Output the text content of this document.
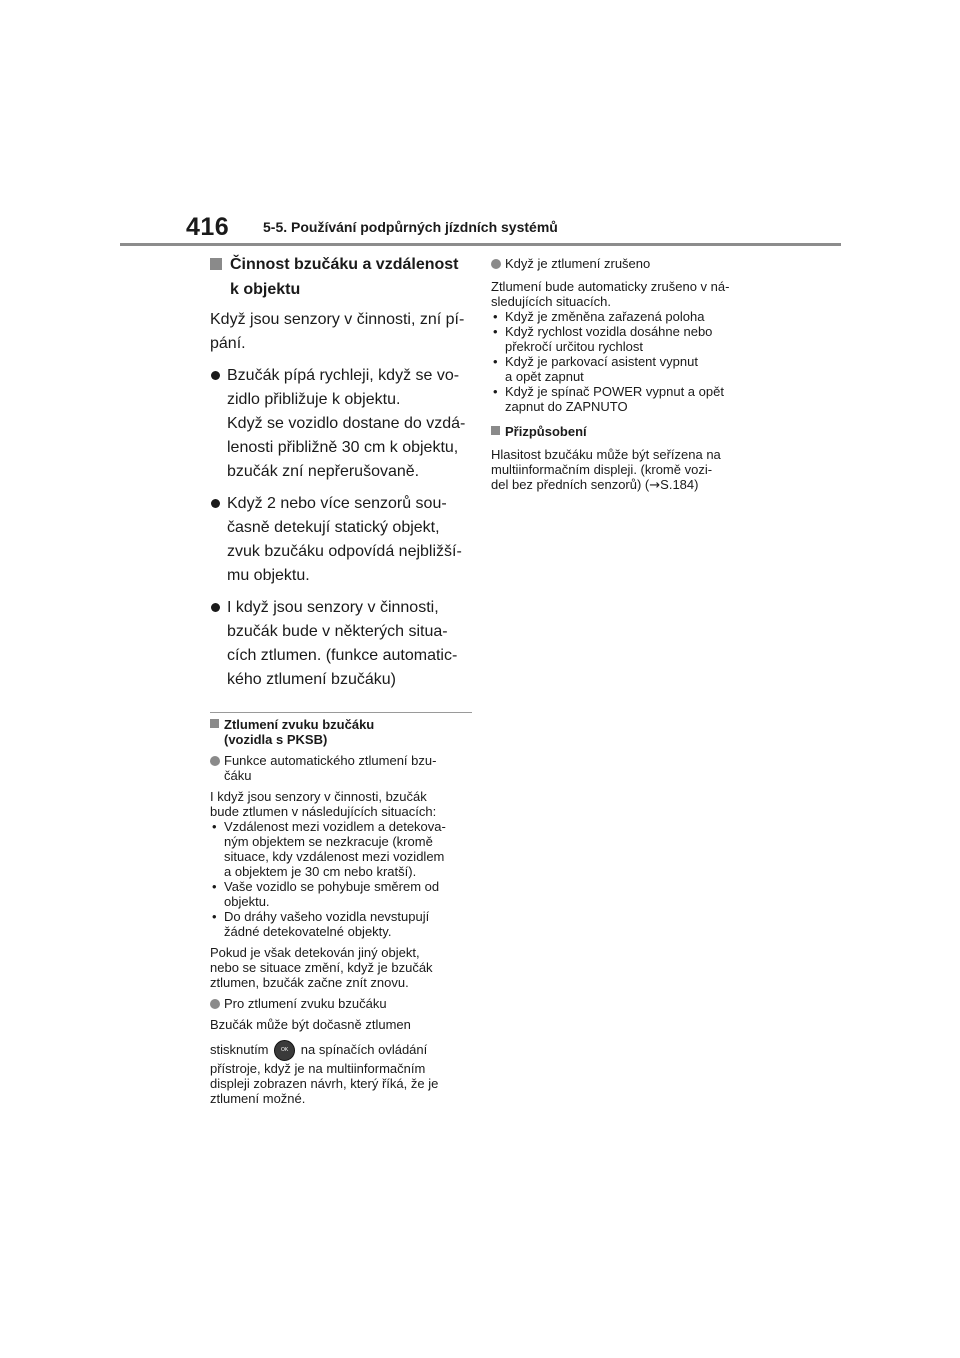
416 5-5. Používání podpůrných jízdních systémů
Činnost bzučáku a vzdálenost
k objektu

Když jsou senzory v činnosti, zní pí-
pání.

Bzučák pípá rychleji, když se vo-
zidlo přibližuje k objektu.
Když se vozidlo dostane do vzdá-
lenosti přibližně 30 cm k objektu,
bzučák zní nepřerušovaně.
Když 2 nebo více senzorů sou-
časně detekují statický objekt,
zvuk bzučáku odpovídá nejbližší-
mu objektu.
I když jsou senzory v činnosti,
bzučák bude v některých situa-
cích ztlumen. (funkce automatic-
kého ztlumení bzučáku)
Ztlumení zvuku bzučáku
(vozidla s PKSB)
Funkce automatického ztlumení bzu-
čáku

I když jsou senzory v činnosti, bzučák
bude ztlumen v následujících situacích:

• Vzdálenost mezi vozidlem a detekova-
ným objektem se nezkracuje (kromě
situace, kdy vzdálenost mezi vozidlem
a objektem je 30 cm nebo kratší).
• Vaše vozidlo se pohybuje směrem od
objektu.
• Do dráhy vašeho vozidla nevstupují
žádné detekovatelné objekty.

Pokud je však detekován jiný objekt,
nebo se situace změní, když je bzučák
ztlumen, bzučák začne znít znovu.

Pro ztlumení zvuku bzučáku

Bzučák může být dočasně ztlumen

stisknutím	OK na spínačích ovládání
přístroje, když je na multiinformačním
displeji zobrazen návrh, který říká, že je
ztlumení možné.

Když je ztlumení zrušeno

Ztlumení bude automaticky zrušeno v ná-
sledujících situacích.

• Když je změněna zařazená poloha
• Když rychlost vozidla dosáhne nebo
překročí určitou rychlost
• Když je parkovací asistent vypnut
a opět zapnut
• Když je spínač POWER vypnut a opět
zapnut do ZAPNUTO
Přizpůsobení

Hlasitost bzučáku může být seřízena na
multiinformačním displeji. (kromě vozi-
del bez předních senzorů) (→S.184)
